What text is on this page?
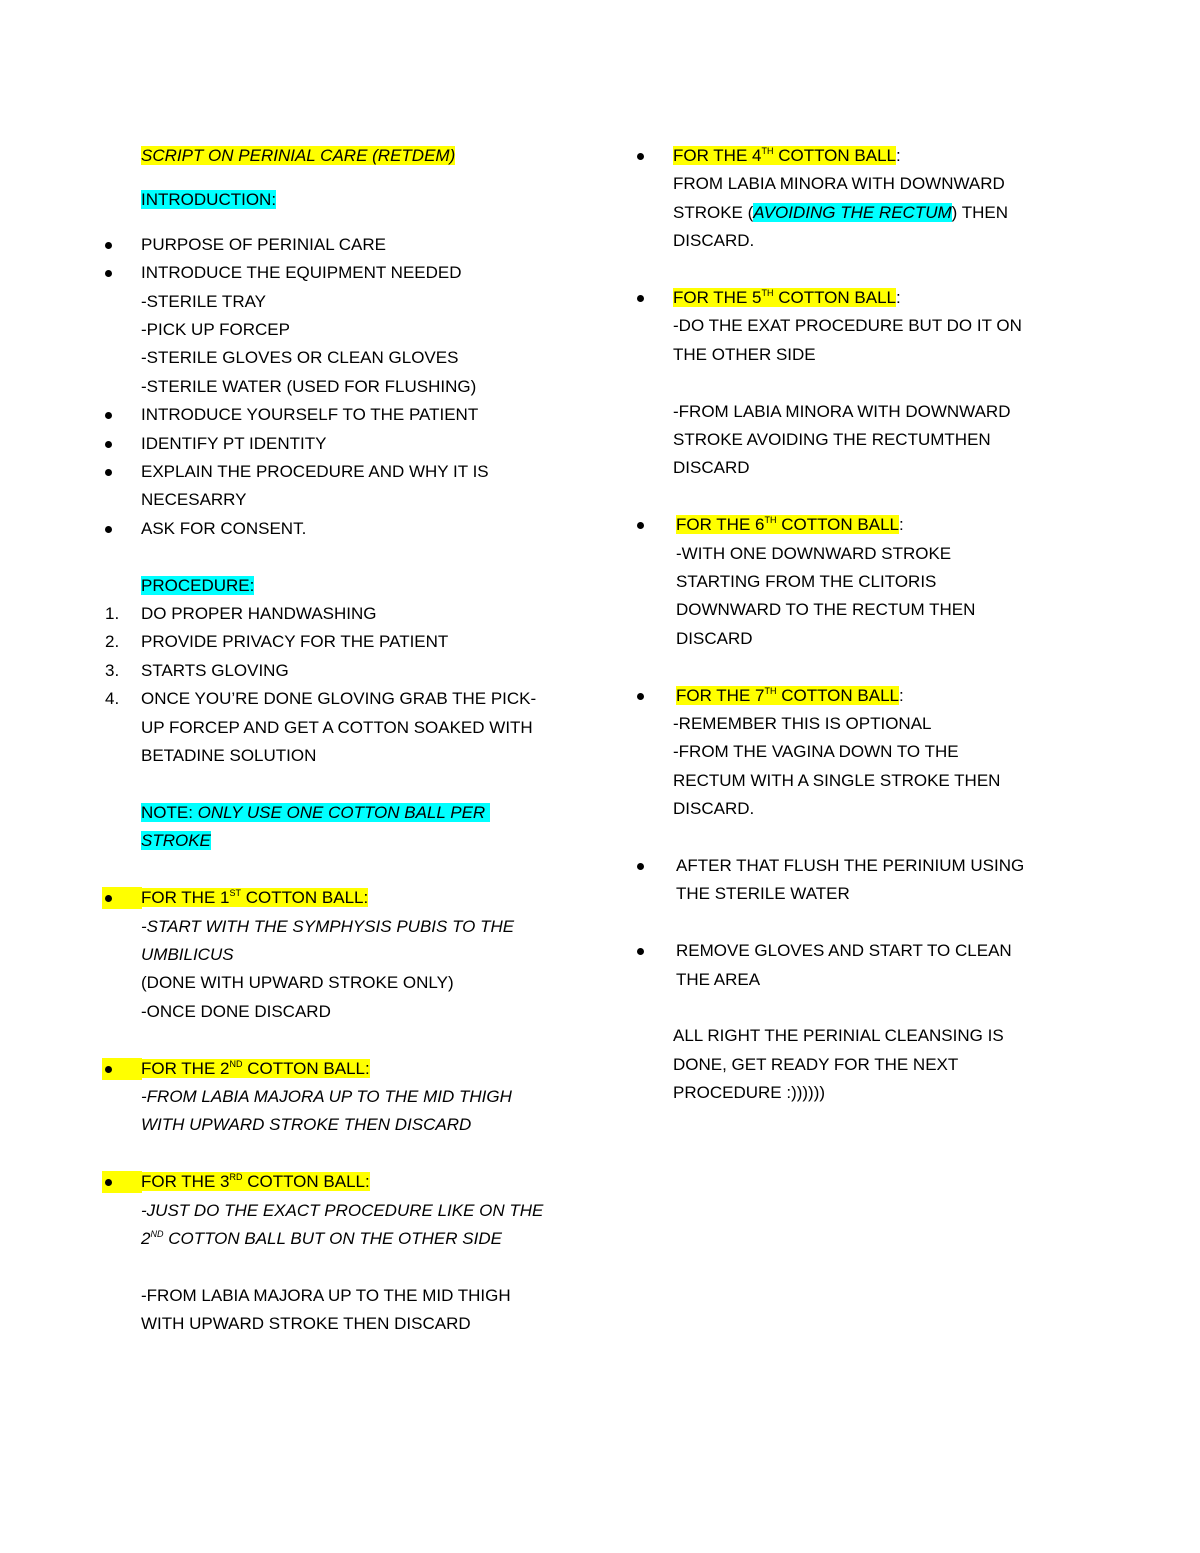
SCRIPT ON PERINIAL CARE (RETDEM)
INTRODUCTION:
PURPOSE OF PERINIAL CARE
INTRODUCE THE EQUIPMENT NEEDED
-STERILE TRAY
-PICK UP FORCEP
-STERILE GLOVES OR CLEAN GLOVES
-STERILE WATER (USED FOR FLUSHING)
INTRODUCE YOURSELF TO THE PATIENT
IDENTIFY PT IDENTITY
EXPLAIN THE PROCEDURE AND WHY IT IS
NECESARRY
ASK FOR CONSENT.
PROCEDURE:
1. DO PROPER HANDWASHING
2. PROVIDE PRIVACY FOR THE PATIENT
3. STARTS GLOVING
4. ONCE YOU’RE DONE GLOVING GRAB THE PICK-
UP FORCEP AND GET A COTTON SOAKED WITH
BETADINE SOLUTION
NOTE: ONLY USE ONE COTTON BALL PER
STROKE
FOR THE 1ST COTTON BALL:
-START WITH THE SYMPHYSIS PUBIS TO THE
UMBILICUS
(DONE WITH UPWARD STROKE ONLY)
-ONCE DONE DISCARD
FOR THE 2ND COTTON BALL:
-FROM LABIA MAJORA UP TO THE MID THIGH
WITH UPWARD STROKE THEN DISCARD
FOR THE 3RD COTTON BALL:
-JUST DO THE EXACT PROCEDURE LIKE ON THE
2ND COTTON BALL BUT ON THE OTHER SIDE
-FROM LABIA MAJORA UP TO THE MID THIGH
WITH UPWARD STROKE THEN DISCARD
FOR THE 4TH COTTON BALL:
FROM LABIA MINORA WITH DOWNWARD
STROKE (AVOIDING THE RECTUM) THEN
DISCARD.
FOR THE 5TH COTTON BALL:
-DO THE EXAT PROCEDURE BUT DO IT ON
THE OTHER SIDE
-FROM LABIA MINORA WITH DOWNWARD
STROKE AVOIDING THE RECTUMTHEN
DISCARD
FOR THE 6TH COTTON BALL:
-WITH ONE DOWNWARD STROKE
STARTING FROM THE CLITORIS
DOWNWARD TO THE RECTUM THEN
DISCARD
FOR THE 7TH COTTON BALL:
-REMEMBER THIS IS OPTIONAL
-FROM THE VAGINA DOWN TO THE
RECTUM WITH A SINGLE STROKE THEN
DISCARD.
AFTER THAT FLUSH THE PERINIUM USING
THE STERILE WATER
REMOVE GLOVES AND START TO CLEAN
THE AREA
ALL RIGHT THE PERINIAL CLEANSING IS
DONE, GET READY FOR THE NEXT
PROCEDURE :))))))
